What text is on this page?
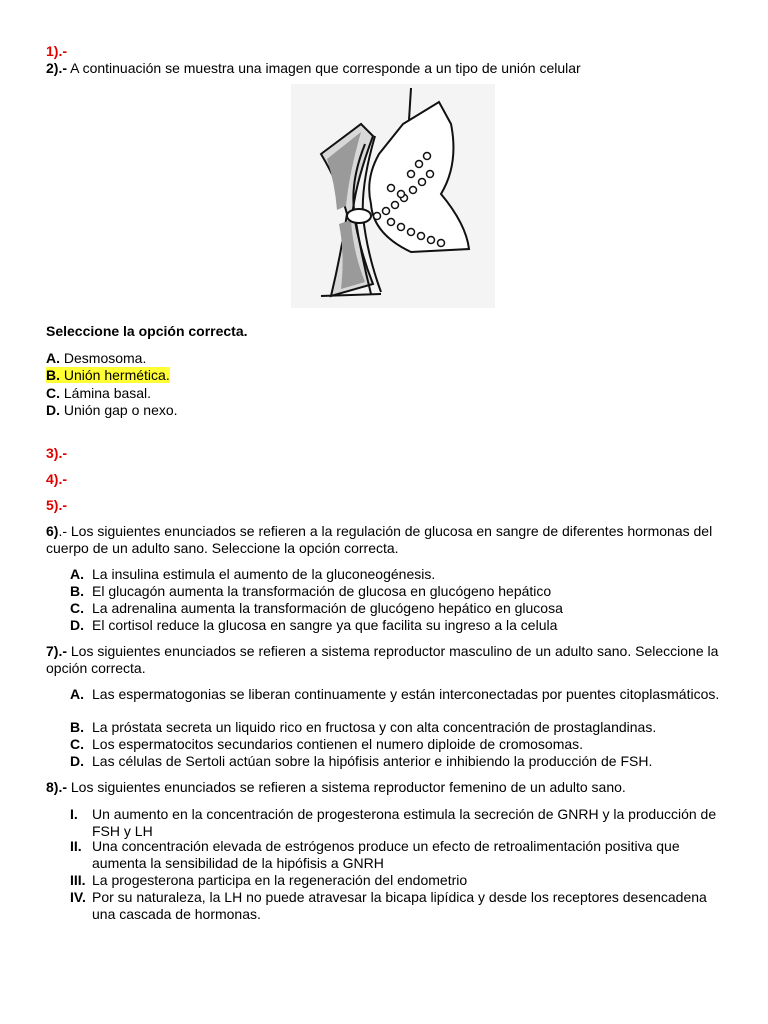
1).-
2).- A continuación se muestra una imagen que corresponde a un tipo de unión celular
Seleccione la opción correcta.
A. Desmosoma.
B. Unión hermética.
C. Lámina basal.
D. Unión gap o nexo.
3).-
4).-
5).-
6).- Los siguientes enunciados se refieren a la regulación de glucosa en sangre de diferentes hormonas del cuerpo de un adulto sano. Seleccione la opción correcta.
A. La insulina estimula el aumento de la gluconeogénesis.
B. El glucagón aumenta la transformación de glucosa en glucógeno hepático
C. La adrenalina aumenta la transformación de glucógeno hepático en glucosa
D. El cortisol reduce la glucosa en sangre ya que facilita su ingreso a la celula
7).- Los siguientes enunciados se refieren a sistema reproductor masculino de un adulto sano. Seleccione la opción correcta.
A. Las espermatogonias se liberan continuamente y están interconectadas por puentes citoplasmáticos.
B. La próstata secreta un liquido rico en fructosa y con alta concentración de prostaglandinas.
C. Los espermatocitos secundarios contienen el numero diploide de cromosomas.
D. Las células de Sertoli actúan sobre la hipófisis anterior e inhibiendo la producción de FSH.
8).- Los siguientes enunciados se refieren a sistema reproductor femenino de un adulto sano.
I.	Un aumento en la concentración de progesterona estimula la secreción de GNRH y la producción de FSH y LH
II. Una concentración elevada de estrógenos produce un efecto de retroalimentación positiva que aumenta la sensibilidad de la hipófisis a GNRH
III. La progesterona participa en la regeneración del endometrio
IV. Por su naturaleza, la LH no puede atravesar la bicapa lipídica y desde los receptores desencadena una cascada de hormonas.
